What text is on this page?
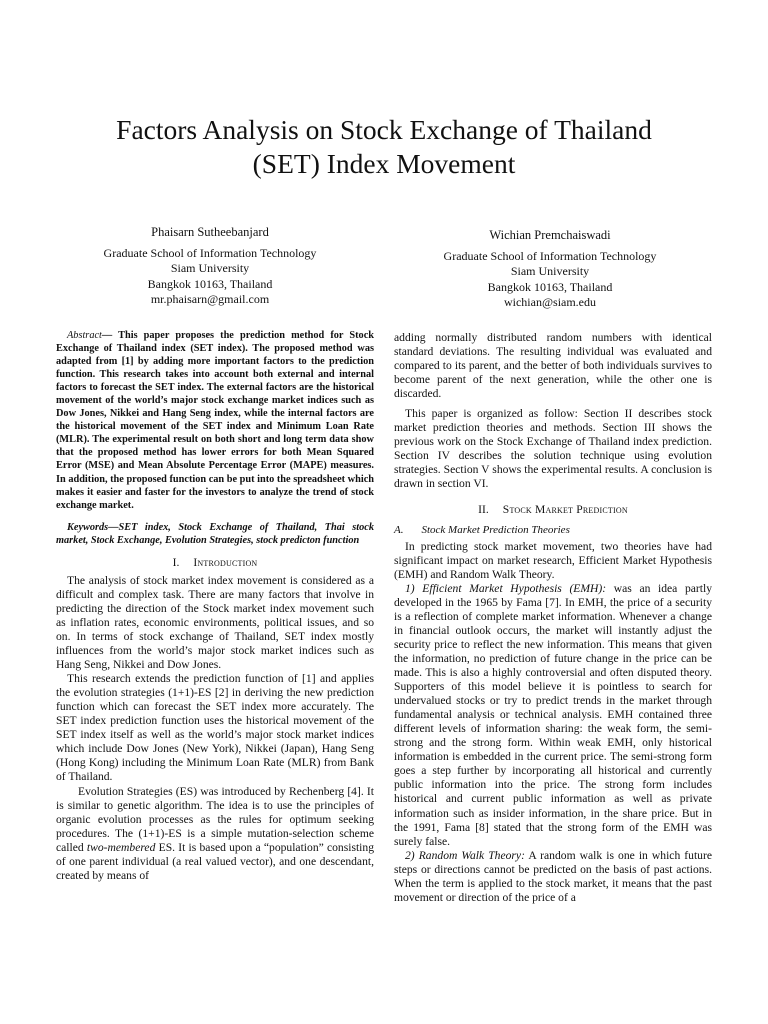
Factors Analysis on Stock Exchange of Thailand
(SET) Index Movement
Phaisarn Sutheebanjard
Graduate School of Information Technology
Siam University
Bangkok 10163, Thailand
mr.phaisarn@gmail.com
Wichian Premchaiswadi
Graduate School of Information Technology
Siam University
Bangkok 10163, Thailand
wichian@siam.edu

Abstract— This paper proposes the prediction method for Stock Exchange of Thailand index (SET index). The proposed method was adapted from [1] by adding more important factors to the prediction function. This research takes into account both external and internal factors to forecast the SET index. The external factors are the historical movement of the world’s major stock exchange market indices such as Dow Jones, Nikkei and Hang Seng index, while the internal factors are the historical movement of the SET index and Minimum Loan Rate (MLR). The experimental result on both short and long term data show that the proposed method has lower errors for both Mean Squared Error (MSE) and Mean Absolute Percentage Error (MAPE) measures. In addition, the proposed function can be put into the spreadsheet which makes it easier and faster for the investors to analyze the trend of stock exchange market.

Keywords—SET index, Stock Exchange of Thailand, Thai stock market, Stock Exchange, Evolution Strategies, stock predicton function

I. Introduction

The analysis of stock market index movement is considered as a difficult and complex task. There are many factors that involve in predicting the direction of the Stock market index movement such as inflation rates, economic environments, political issues, and so on. In terms of stock exchange of Thailand, SET index mostly influences from the world’s major stock market indices such as Hang Seng, Nikkei and Dow Jones.

This research extends the prediction function of [1] and applies the evolution strategies (1+1)-ES [2] in deriving the new prediction function which can forecast the SET index more accurately. The SET index prediction function uses the historical movement of the SET index itself as well as the world’s major stock market indices which include Dow Jones (New York), Nikkei (Japan), Hang Seng (Hong Kong) including the Minimum Loan Rate (MLR) from Bank of Thailand.

Evolution Strategies (ES) was introduced by Rechenberg [4]. It is similar to genetic algorithm. The idea is to use the principles of organic evolution processes as the rules for optimum seeking procedures. The (1+1)-ES is a simple mutation-selection scheme called two-membered ES. It is based upon a “population” consisting of one parent individual (a real valued vector), and one descendant, created by means of

adding normally distributed random numbers with identical standard deviations. The resulting individual was evaluated and compared to its parent, and the better of both individuals survives to become parent of the next generation, while the other one is discarded.

This paper is organized as follow: Section II describes stock market prediction theories and methods. Section III shows the previous work on the Stock Exchange of Thailand index prediction. Section IV describes the solution technique using evolution strategies. Section V shows the experimental results. A conclusion is drawn in section VI.

II. Stock Market Prediction
A. Stock Market Prediction Theories

In predicting stock market movement, two theories have had significant impact on market research, Efficient Market Hypothesis (EMH) and Random Walk Theory.

1) Efficient Market Hypothesis (EMH): was an idea partly developed in the 1965 by Fama [7]. In EMH, the price of a security is a reflection of complete market information. Whenever a change in financial outlook occurs, the market will instantly adjust the security price to reflect the new information. This means that given the information, no prediction of future change in the price can be made. This is also a highly controversial and often disputed theory. Supporters of this model believe it is pointless to search for undervalued stocks or try to predict trends in the market through fundamental analysis or technical analysis. EMH contained three different levels of information sharing: the weak form, the semi-strong and the strong form. Within weak EMH, only historical information is embedded in the current price. The semi-strong form goes a step further by incorporating all historical and currently public information into the price. The strong form includes historical and current public information as well as private information such as insider information, in the share price. But in the 1991, Fama [8] stated that the strong form of the EMH was surely false.

2) Random Walk Theory: A random walk is one in which future steps or directions cannot be predicted on the basis of past actions. When the term is applied to the stock market, it means that the past movement or direction of the price of a
